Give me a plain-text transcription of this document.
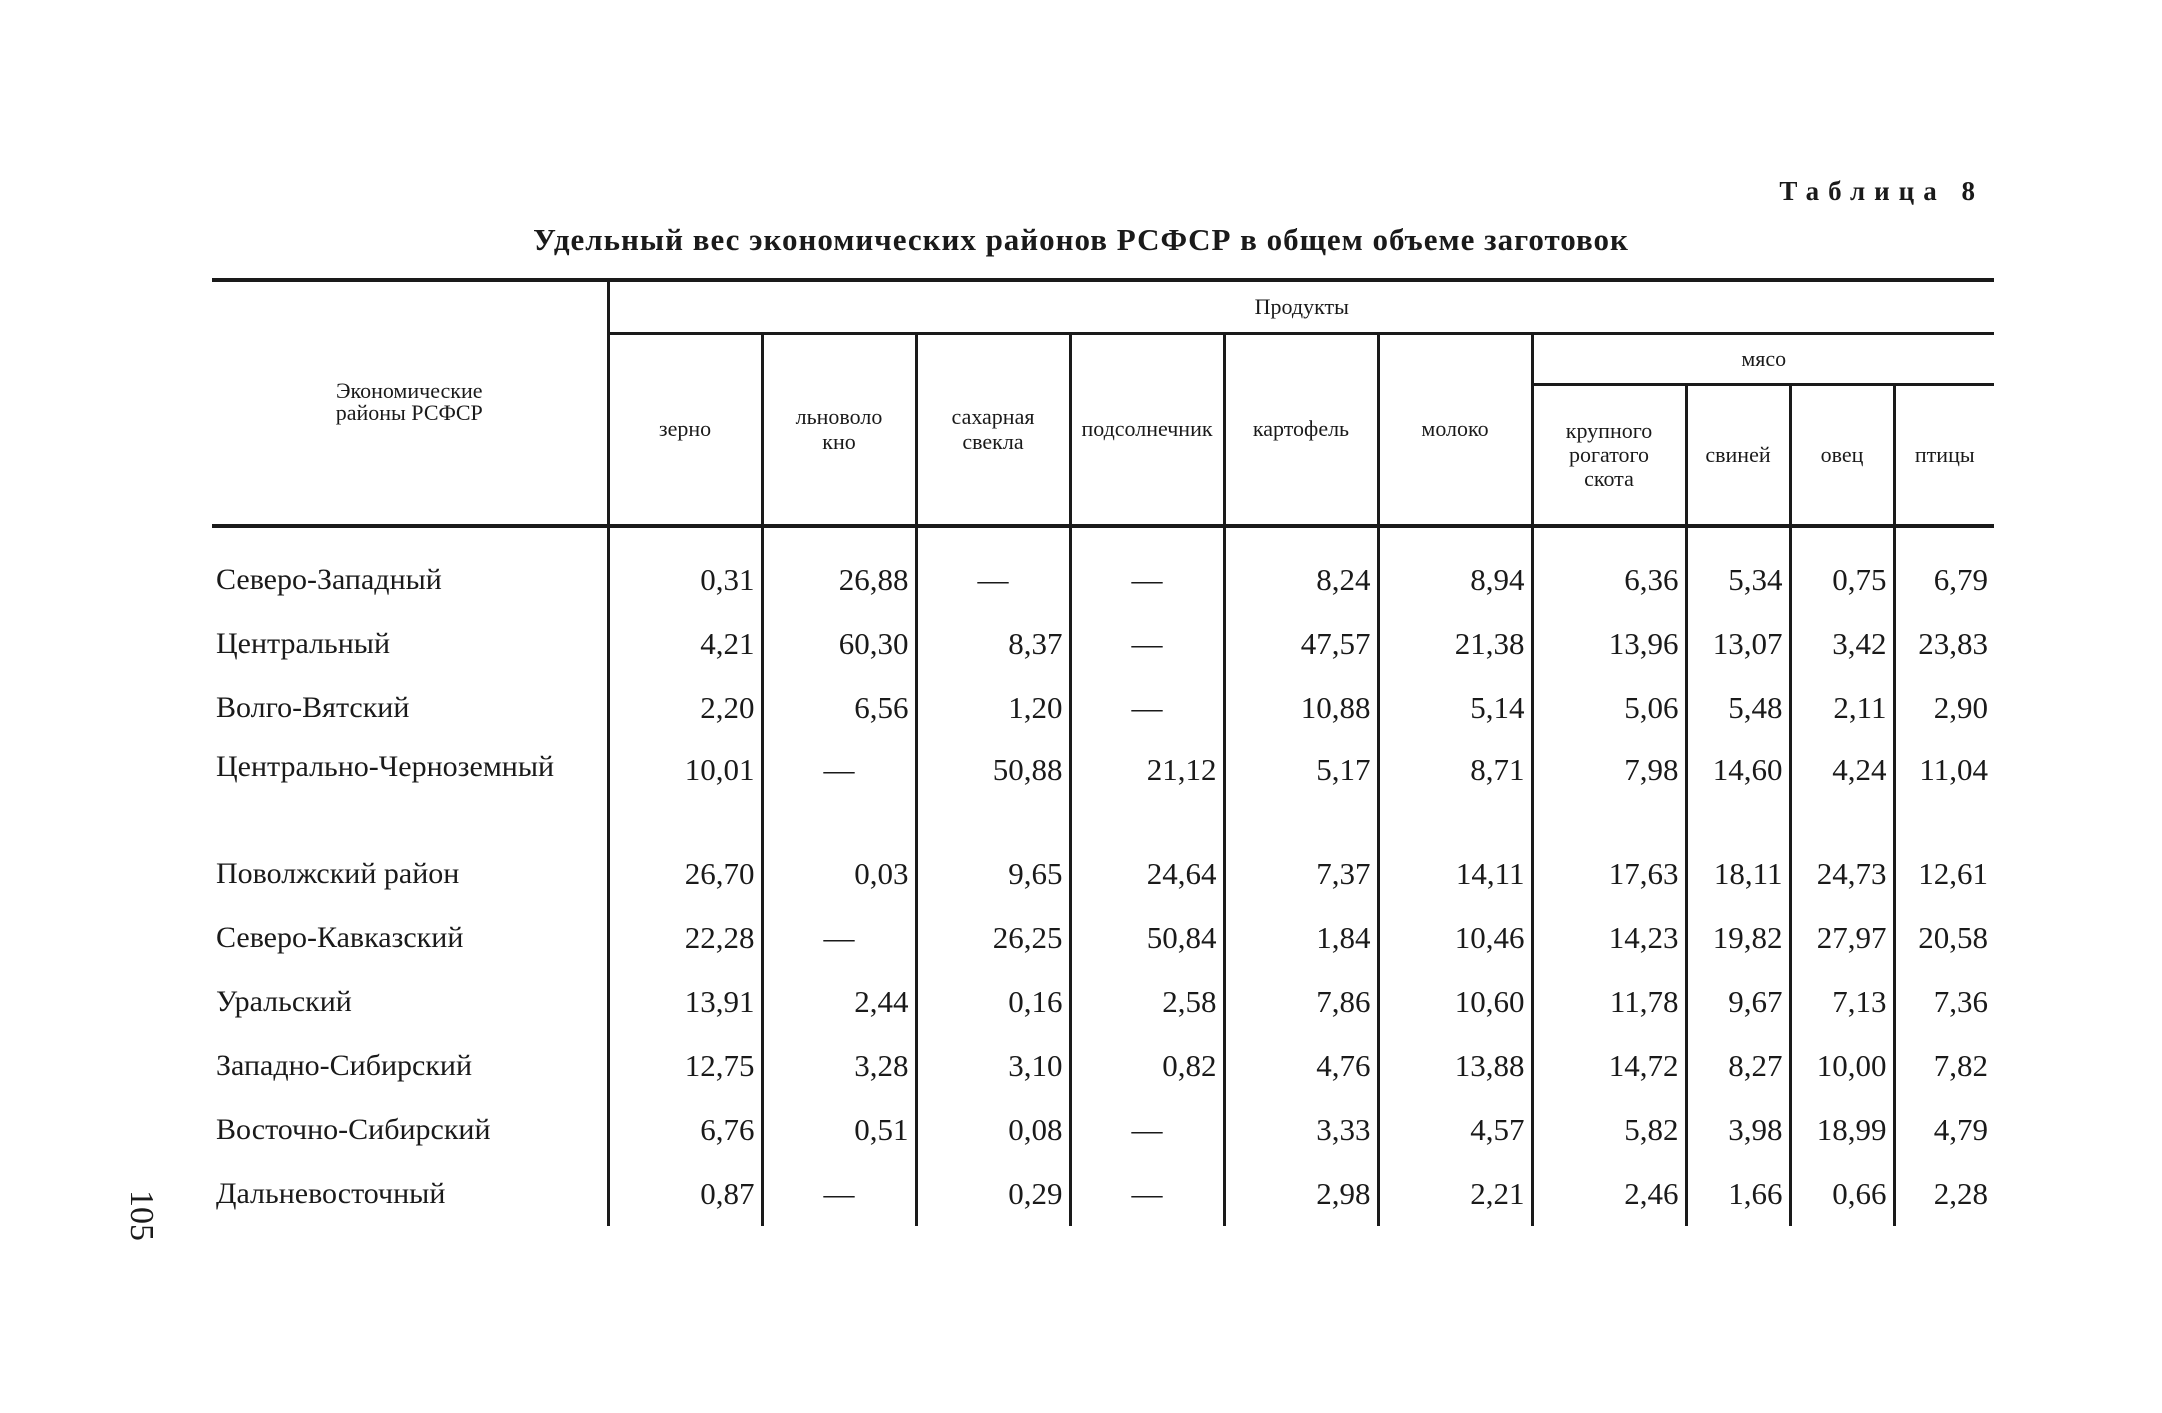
Таблица 8
Удельный вес экономических районов РСФСР в общем объеме заготовок
Экономические районы РСФСР	Продукты									
	зерно	льноволокно	сахарная свекла	подсолнечник	картофель	молоко	мясо			
							крупного рогатого скота	свиней	овец	птицы
Северо-Западный	0,31	26,88	—	—	8,24	8,94	6,36	5,34	0,75	6,79
Центральный	4,21	60,30	8,37	—	47,57	21,38	13,96	13,07	3,42	23,83
Волго-Вятский	2,20	6,56	1,20	—	10,88	5,14	5,06	5,48	2,11	2,90
Центрально-Черноземный	10,01	—	50,88	21,12	5,17	8,71	7,98	14,60	4,24	11,04
Поволжский район	26,70	0,03	9,65	24,64	7,37	14,11	17,63	18,11	24,73	12,61
Северо-Кавказский	22,28	—	26,25	50,84	1,84	10,46	14,23	19,82	27,97	20,58
Уральский	13,91	2,44	0,16	2,58	7,86	10,60	11,78	9,67	7,13	7,36
Западно-Сибирский	12,75	3,28	3,10	0,82	4,76	13,88	14,72	8,27	10,00	7,82
Восточно-Сибирский	6,76	0,51	0,08	—	3,33	4,57	5,82	3,98	18,99	4,79
Дальневосточный	0,87	—	0,29	—	2,98	2,21	2,46	1,66	0,66	2,28
105
